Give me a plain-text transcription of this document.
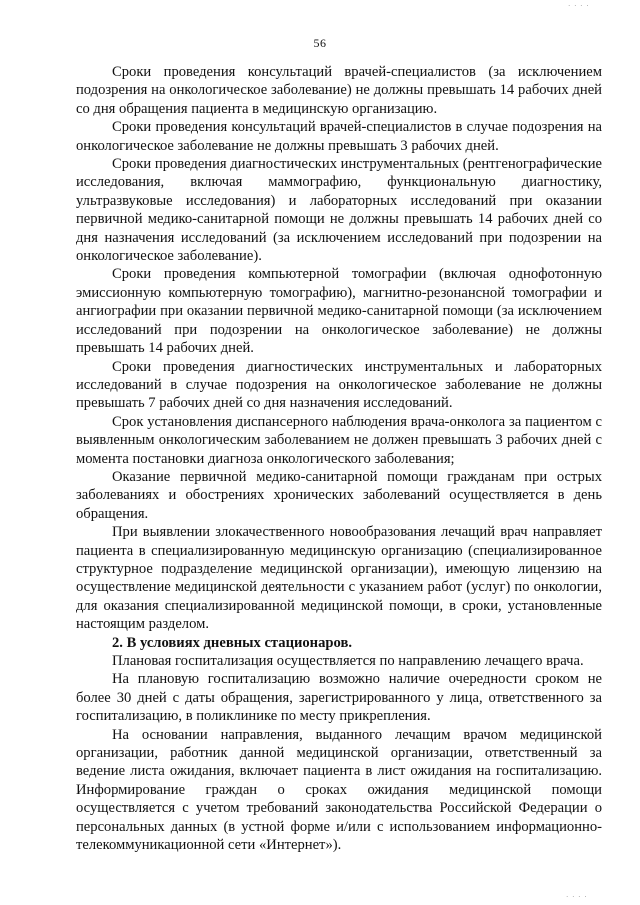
· · · ·
56

Сроки проведения консультаций врачей-специалистов (за исключением подозрения на онкологическое заболевание) не должны превышать 14 рабочих дней со дня обращения пациента в медицинскую организацию.

Сроки проведения консультаций врачей-специалистов в случае подозрения на онкологическое заболевание не должны превышать 3 рабочих дней.

Сроки проведения диагностических инструментальных (рентгенографические исследования, включая маммографию, функциональную диагностику, ультразвуковые исследования) и лабораторных исследований при оказании первичной медико-санитарной помощи не должны превышать 14 рабочих дней со дня назначения исследований (за исключением исследований при подозрении на онкологическое заболевание).

Сроки проведения компьютерной томографии (включая однофотонную эмиссионную компьютерную томографию), магнитно-резонансной томографии и ангиографии при оказании первичной медико-санитарной помощи (за исключением исследований при подозрении на онкологическое заболевание) не должны превышать 14 рабочих дней.

Сроки проведения диагностических инструментальных и лабораторных исследований в случае подозрения на онкологическое заболевание не должны превышать 7 рабочих дней со дня назначения исследований.

Срок установления диспансерного наблюдения врача-онколога за пациентом с выявленным онкологическим заболеванием не должен превышать 3 рабочих дней с момента постановки диагноза онкологического заболевания;

Оказание первичной медико-санитарной помощи гражданам при острых заболеваниях и обострениях хронических заболеваний осуществляется в день обращения.

При выявлении злокачественного новообразования лечащий врач направляет пациента в специализированную медицинскую организацию (специализированное структурное подразделение медицинской организации), имеющую лицензию на осуществление медицинской деятельности с указанием работ (услуг) по онкологии, для оказания специализированной медицинской помощи, в сроки, установленные настоящим разделом.

2. В условиях дневных стационаров.

Плановая госпитализация осуществляется по направлению лечащего врача.

На плановую госпитализацию возможно наличие очередности сроком не более 30 дней с даты обращения, зарегистрированного у лица, ответственного за госпитализацию, в поликлинике по месту прикрепления.

На основании направления, выданного лечащим врачом медицинской организации, работник данной медицинской организации, ответственный за ведение листа ожидания, включает пациента в лист ожидания на госпитализацию. Информирование граждан о сроках ожидания медицинской помощи осуществляется с учетом требований законодательства Российской Федерации о персональных данных (в устной форме и/или с использованием информационно-телекоммуникационной сети «Интернет»).

· · · ·
